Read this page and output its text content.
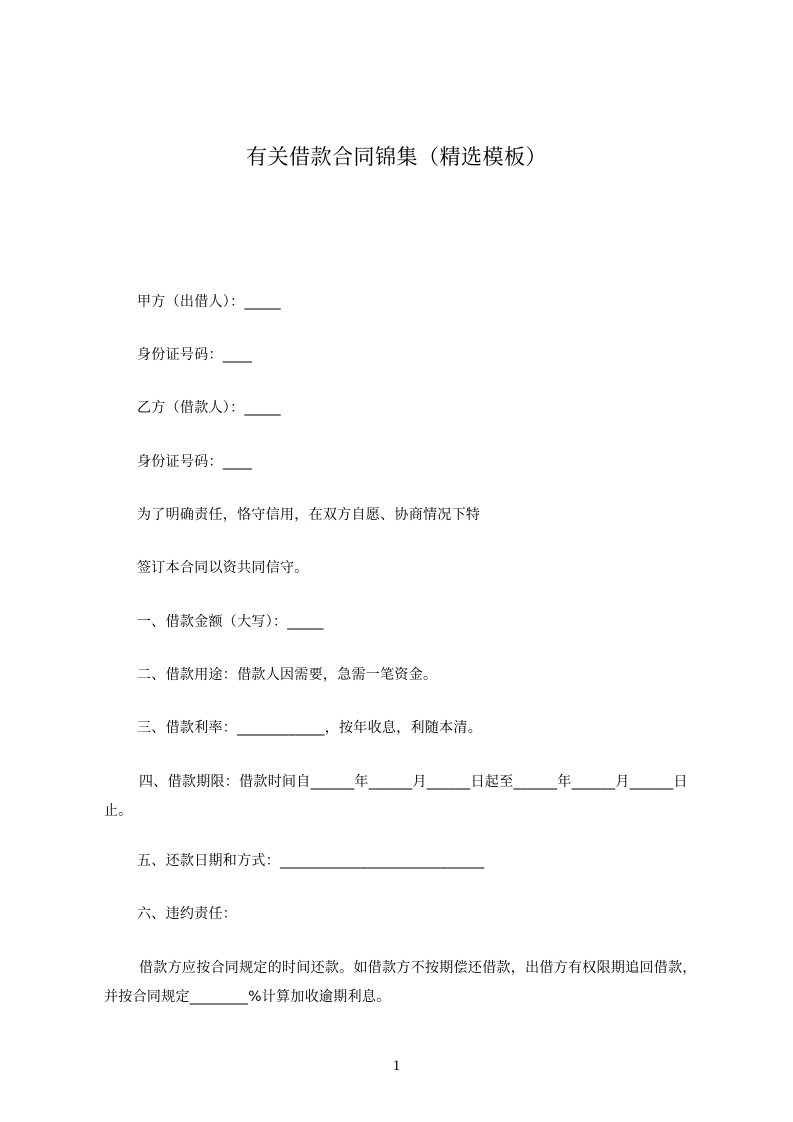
有关借款合同锦集（精选模板）
甲方（出借人）：_____
身份证号码：____
乙方（借款人）：_____
身份证号码：____
为了明确责任，恪守信用，在双方自愿、协商情况下特
签订本合同以资共同信守。
一、借款金额（大写）：_____
二、借款用途：借款人因需要，急需一笔资金。
三、借款利率：____________，按年收息，利随本清。
四、借款期限：借款时间自______年______月______日起至______年______月______日止。
五、还款日期和方式：____________________________
六、违约责任：
借款方应按合同规定的时间还款。如借款方不按期偿还借款，出借方有权限期追回借款，并按合同规定________%计算加收逾期利息。
1
